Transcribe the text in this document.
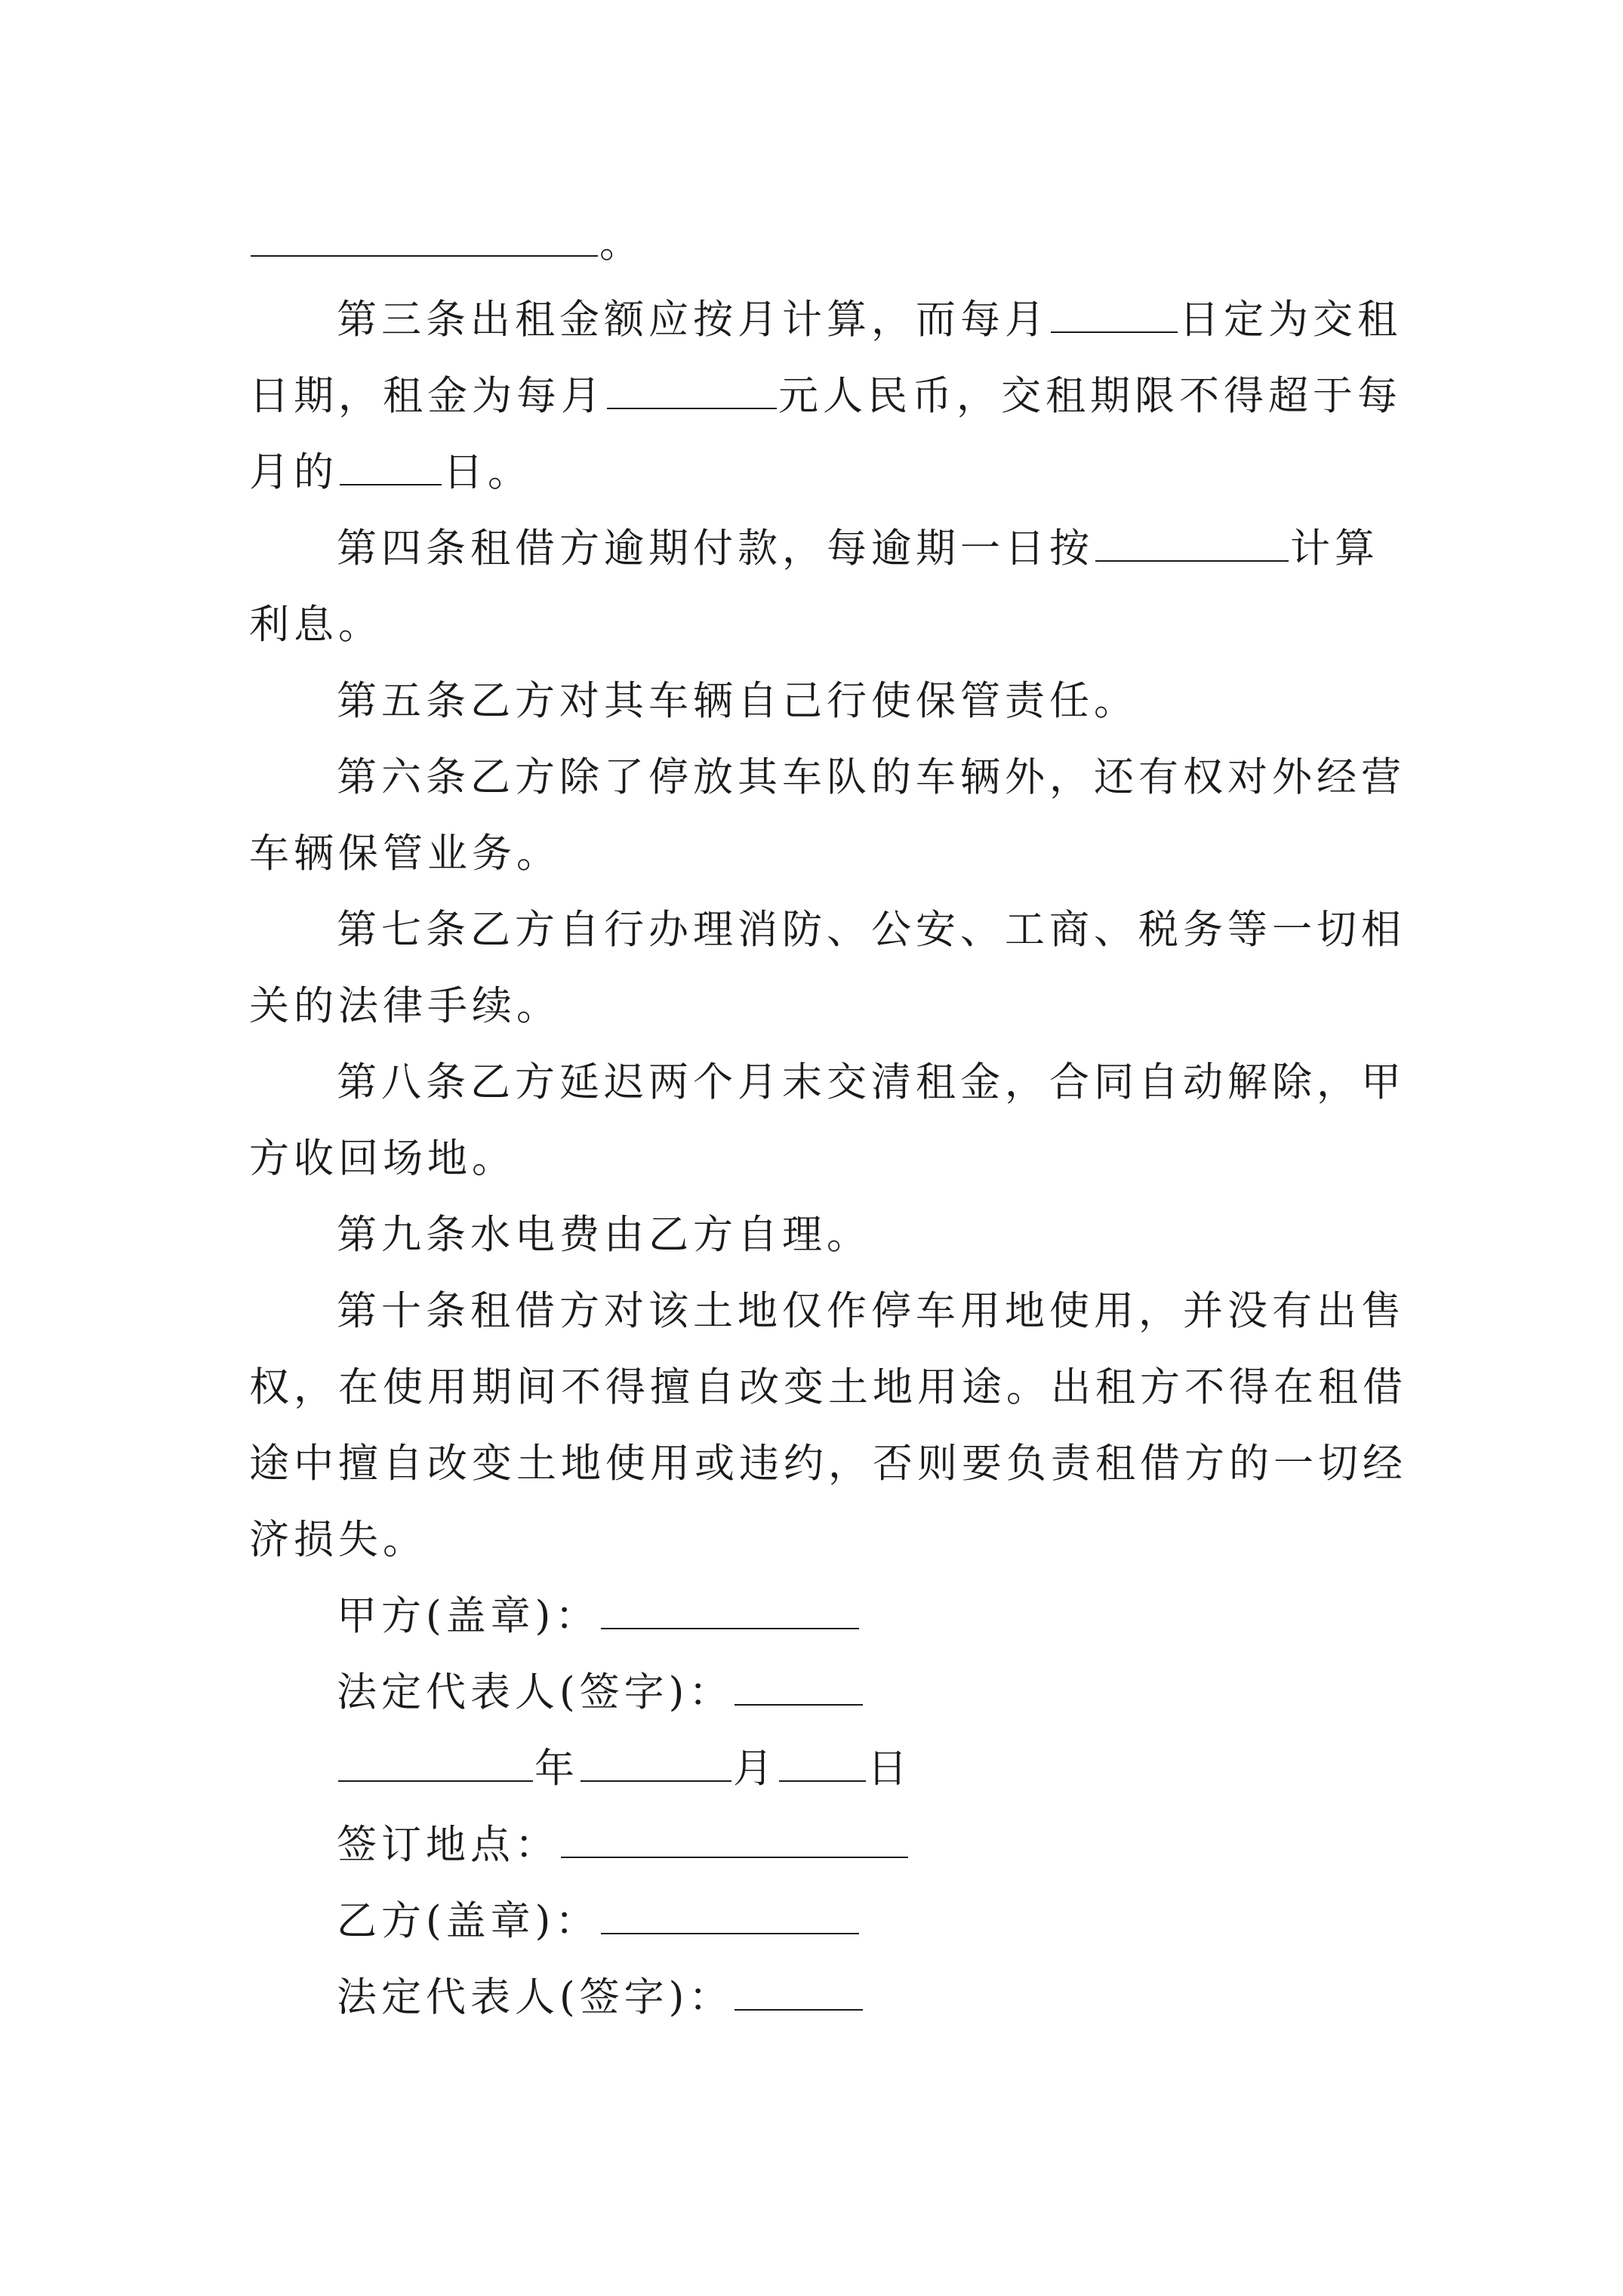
。
第三条出租金额应按月计算，而每月	日定为交租
日期，租金为每月	元人民币，交租期限不得超于每
月的	日。
第四条租借方逾期付款，每逾期一日按	计算
利息。
第五条乙方对其车辆自己行使保管责任。
第六条乙方除了停放其车队的车辆外，还有权对外经营
车辆保管业务。
第七条乙方自行办理消防、公安、工商、税务等一切相
关的法律手续。
第八条乙方延迟两个月末交清租金，合同自动解除，甲
方收回场地。
第九条水电费由乙方自理。
第十条租借方对该土地仅作停车用地使用，并没有出售
权，在使用期间不得擅自改变土地用途。出租方不得在租借
途中擅自改变土地使用或违约，否则要负责租借方的一切经
济损失。
甲方(盖章)：
法定代表人(签字)：
年	月 日
签订地点：
乙方(盖章)：
法定代表人(签字)：
